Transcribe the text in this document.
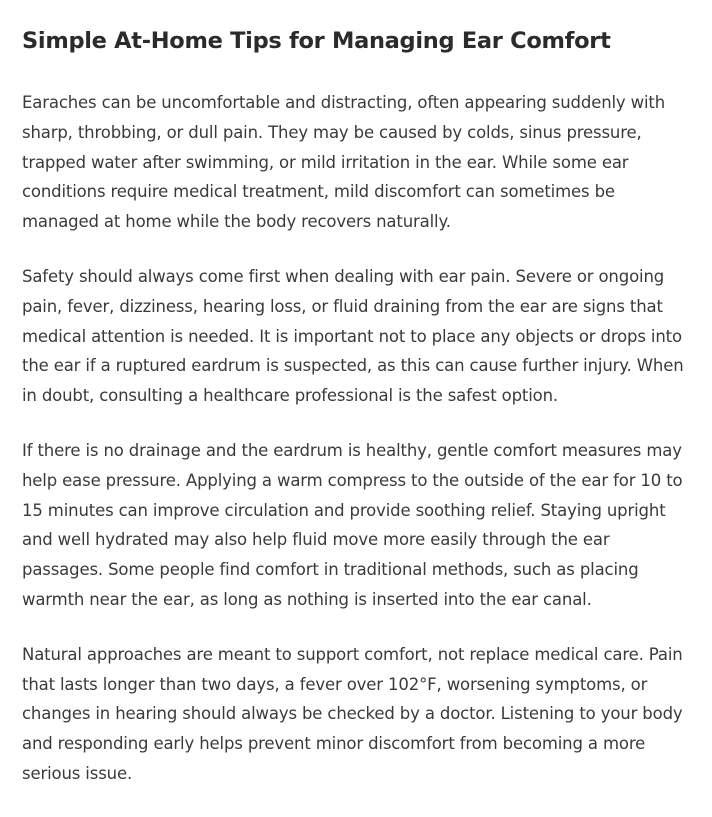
Simple At-Home Tips for Managing Ear Comfort

Earaches can be uncomfortable and distracting, often appearing suddenly with sharp, throbbing, or dull pain. They may be caused by colds, sinus pressure, trapped water after swimming, or mild irritation in the ear. While some ear conditions require medical treatment, mild discomfort can sometimes be managed at home while the body recovers naturally.

Safety should always come first when dealing with ear pain. Severe or ongoing pain, fever, dizziness, hearing loss, or fluid draining from the ear are signs that medical attention is needed. It is important not to place any objects or drops into the ear if a ruptured eardrum is suspected, as this can cause further injury. When in doubt, consulting a healthcare professional is the safest option.

If there is no drainage and the eardrum is healthy, gentle comfort measures may help ease pressure. Applying a warm compress to the outside of the ear for 10 to 15 minutes can improve circulation and provide soothing relief. Staying upright and well hydrated may also help fluid move more easily through the ear passages. Some people find comfort in traditional methods, such as placing warmth near the ear, as long as nothing is inserted into the ear canal.

Natural approaches are meant to support comfort, not replace medical care. Pain that lasts longer than two days, a fever over 102°F, worsening symptoms, or changes in hearing should always be checked by a doctor. Listening to your body and responding early helps prevent minor discomfort from becoming a more serious issue.
